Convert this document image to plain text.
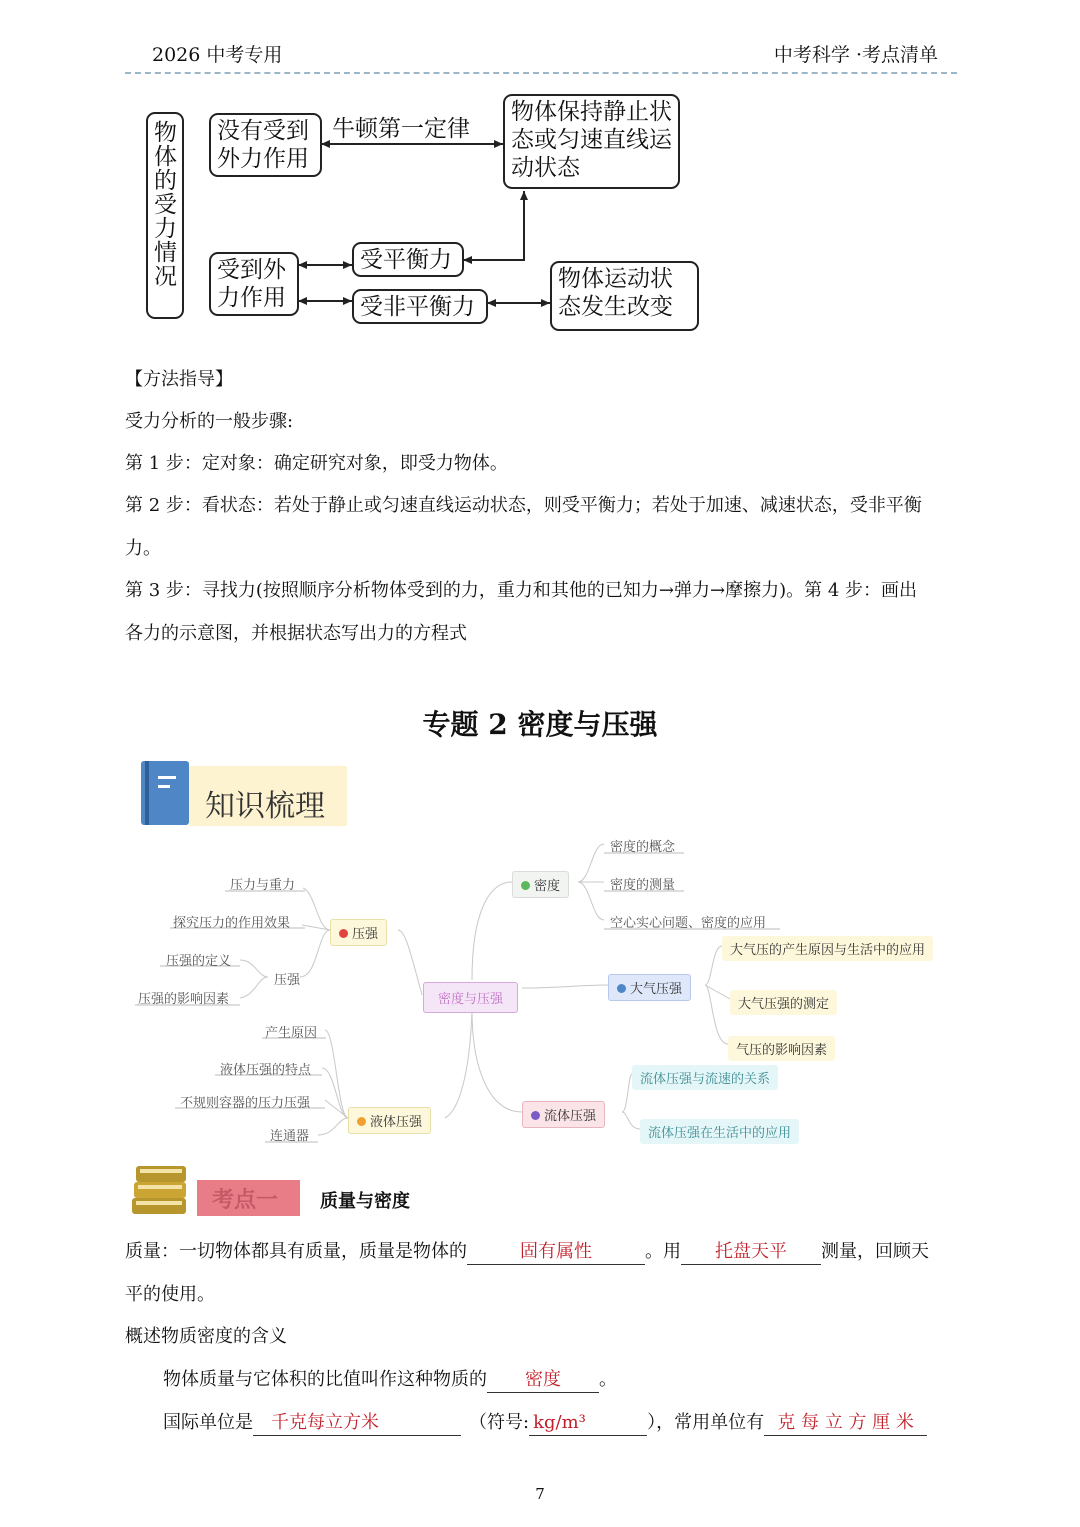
2026 中考专用	中考科学 ·考点清单
物体的受力情况	没有受到外力作用
牛顿第一定律
物体保持静止状态或匀速直线运动状态
受到外力作用
受平衡力
受非平衡力
物体运动状态发生改变
【方法指导】
受力分析的一般步骤:
第 1 步：定对象：确定研究对象，即受力物体。
第 2 步：看状态：若处于静止或匀速直线运动状态，则受平衡力；若处于加速、减速状态，受非平衡
力。
第 3 步：寻找力(按照顺序分析物体受到的力，重力和其他的已知力→弹力→摩擦力)。第 4 步：画出
各力的示意图，并根据状态写出力的方程式
专题 2 密度与压强
知识梳理
密度与压强
密度
密度的概念
密度的测量
空心实心问题、密度的应用
大气压强
大气压的产生原因与生活中的应用
大气压强的测定
气压的影响因素
流体压强
流体压强与流速的关系
流体压强在生活中的应用
压强
压力与重力
探究压力的作用效果
压强
压强的定义
压强的影响因素
液体压强
产生原因
液体压强的特点
不规则容器的压力压强
连通器
考点一 质量与密度
质量：一切物体都具有质量，质量是物体的	固有属性	。用 托盘天平 测量，回顾天
平的使用。
概述物质密度的含义
物体质量与它体积的比值叫作这种物质的 密度 。
国际单位是 千克每立方米	（符号: kg/m³	），常用单位有 克 每 立 方 厘 米
7
